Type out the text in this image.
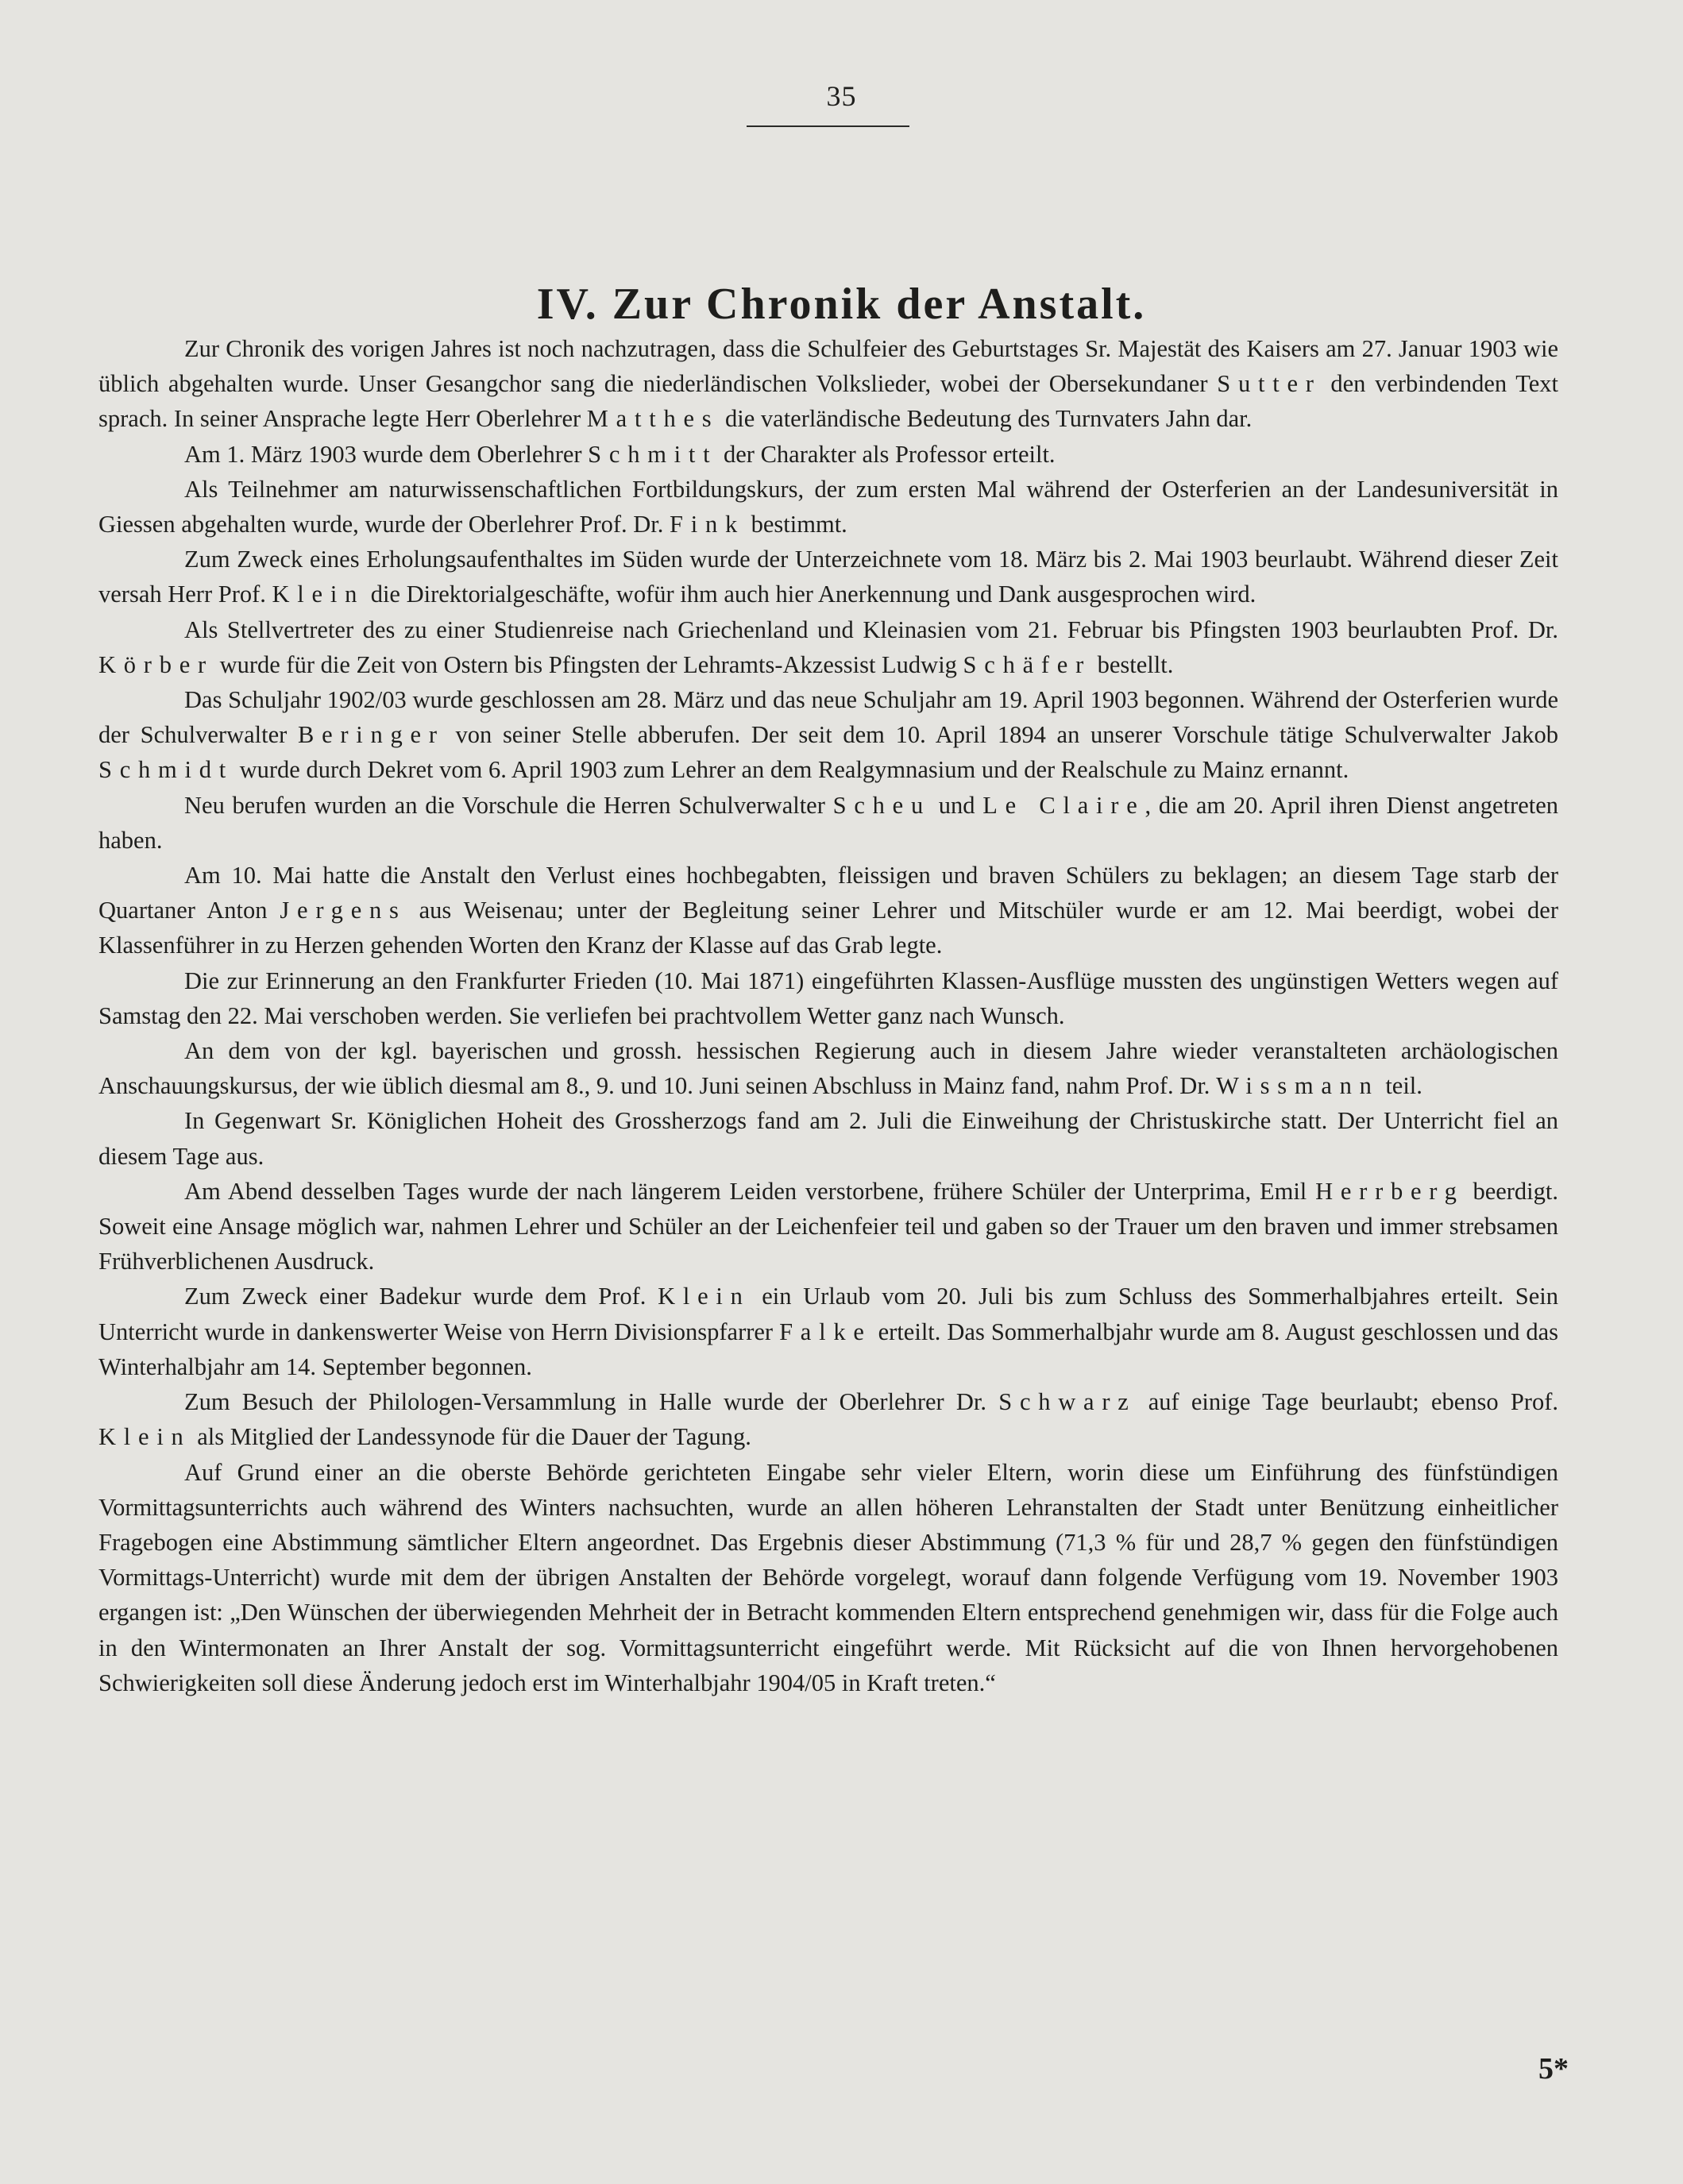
35
IV. Zur Chronik der Anstalt.

Zur Chronik des vorigen Jahres ist noch nachzutragen, dass die Schulfeier des Geburtstages Sr. Majestät des Kaisers am 27. Januar 1903 wie üblich abgehalten wurde. Unser Gesangchor sang die niederländischen Volkslieder, wobei der Obersekundaner Sutter den verbindenden Text sprach. In seiner Ansprache legte Herr Oberlehrer Matthes die vaterländische Bedeutung des Turnvaters Jahn dar.

Am 1. März 1903 wurde dem Oberlehrer Schmitt der Charakter als Professor erteilt.

Als Teilnehmer am naturwissenschaftlichen Fortbildungskurs, der zum ersten Mal während der Osterferien an der Landesuniversität in Giessen abgehalten wurde, wurde der Oberlehrer Prof. Dr. Fink bestimmt.

Zum Zweck eines Erholungsaufenthaltes im Süden wurde der Unterzeichnete vom 18. März bis 2. Mai 1903 beurlaubt. Während dieser Zeit versah Herr Prof. Klein die Direktorialgeschäfte, wofür ihm auch hier Anerkennung und Dank ausgesprochen wird.

Als Stellvertreter des zu einer Studienreise nach Griechenland und Kleinasien vom 21. Februar bis Pfingsten 1903 beurlaubten Prof. Dr. Körber wurde für die Zeit von Ostern bis Pfingsten der Lehramts-Akzessist Ludwig Schäfer bestellt.

Das Schuljahr 1902/03 wurde geschlossen am 28. März und das neue Schuljahr am 19. April 1903 begonnen. Während der Osterferien wurde der Schulverwalter Beringer von seiner Stelle abberufen. Der seit dem 10. April 1894 an unserer Vorschule tätige Schulverwalter Jakob Schmidt wurde durch Dekret vom 6. April 1903 zum Lehrer an dem Realgymnasium und der Realschule zu Mainz ernannt.

Neu berufen wurden an die Vorschule die Herren Schulverwalter Scheu und Le Claire, die am 20. April ihren Dienst angetreten haben.

Am 10. Mai hatte die Anstalt den Verlust eines hochbegabten, fleissigen und braven Schülers zu beklagen; an diesem Tage starb der Quartaner Anton Jergens aus Weisenau; unter der Begleitung seiner Lehrer und Mitschüler wurde er am 12. Mai beerdigt, wobei der Klassenführer in zu Herzen gehenden Worten den Kranz der Klasse auf das Grab legte.

Die zur Erinnerung an den Frankfurter Frieden (10. Mai 1871) eingeführten Klassen-Ausflüge mussten des ungünstigen Wetters wegen auf Samstag den 22. Mai verschoben werden. Sie verliefen bei prachtvollem Wetter ganz nach Wunsch.

An dem von der kgl. bayerischen und grossh. hessischen Regierung auch in diesem Jahre wieder veranstalteten archäologischen Anschauungskursus, der wie üblich diesmal am 8., 9. und 10. Juni seinen Abschluss in Mainz fand, nahm Prof. Dr. Wissmann teil.

In Gegenwart Sr. Königlichen Hoheit des Grossherzogs fand am 2. Juli die Einweihung der Christuskirche statt. Der Unterricht fiel an diesem Tage aus.

Am Abend desselben Tages wurde der nach längerem Leiden verstorbene, frühere Schüler der Unterprima, Emil Herrberg beerdigt. Soweit eine Ansage möglich war, nahmen Lehrer und Schüler an der Leichenfeier teil und gaben so der Trauer um den braven und immer strebsamen Frühverblichenen Ausdruck.

Zum Zweck einer Badekur wurde dem Prof. Klein ein Urlaub vom 20. Juli bis zum Schluss des Sommerhalbjahres erteilt. Sein Unterricht wurde in dankenswerter Weise von Herrn Divisionspfarrer Falke erteilt. Das Sommerhalbjahr wurde am 8. August geschlossen und das Winterhalbjahr am 14. September begonnen.

Zum Besuch der Philologen-Versammlung in Halle wurde der Oberlehrer Dr. Schwarz auf einige Tage beurlaubt; ebenso Prof. Klein als Mitglied der Landessynode für die Dauer der Tagung.

Auf Grund einer an die oberste Behörde gerichteten Eingabe sehr vieler Eltern, worin diese um Einführung des fünfstündigen Vormittagsunterrichts auch während des Winters nachsuchten, wurde an allen höheren Lehranstalten der Stadt unter Benützung einheitlicher Fragebogen eine Abstimmung sämtlicher Eltern angeordnet. Das Ergebnis dieser Abstimmung (71,3 % für und 28,7 % gegen den fünfstündigen Vormittags-Unterricht) wurde mit dem der übrigen Anstalten der Behörde vorgelegt, worauf dann folgende Verfügung vom 19. November 1903 ergangen ist: „Den Wünschen der überwiegenden Mehrheit der in Betracht kommenden Eltern entsprechend genehmigen wir, dass für die Folge auch in den Wintermonaten an Ihrer Anstalt der sog. Vormittagsunterricht eingeführt werde. Mit Rücksicht auf die von Ihnen hervorgehobenen Schwierigkeiten soll diese Änderung jedoch erst im Winterhalbjahr 1904/05 in Kraft treten.“

5*
